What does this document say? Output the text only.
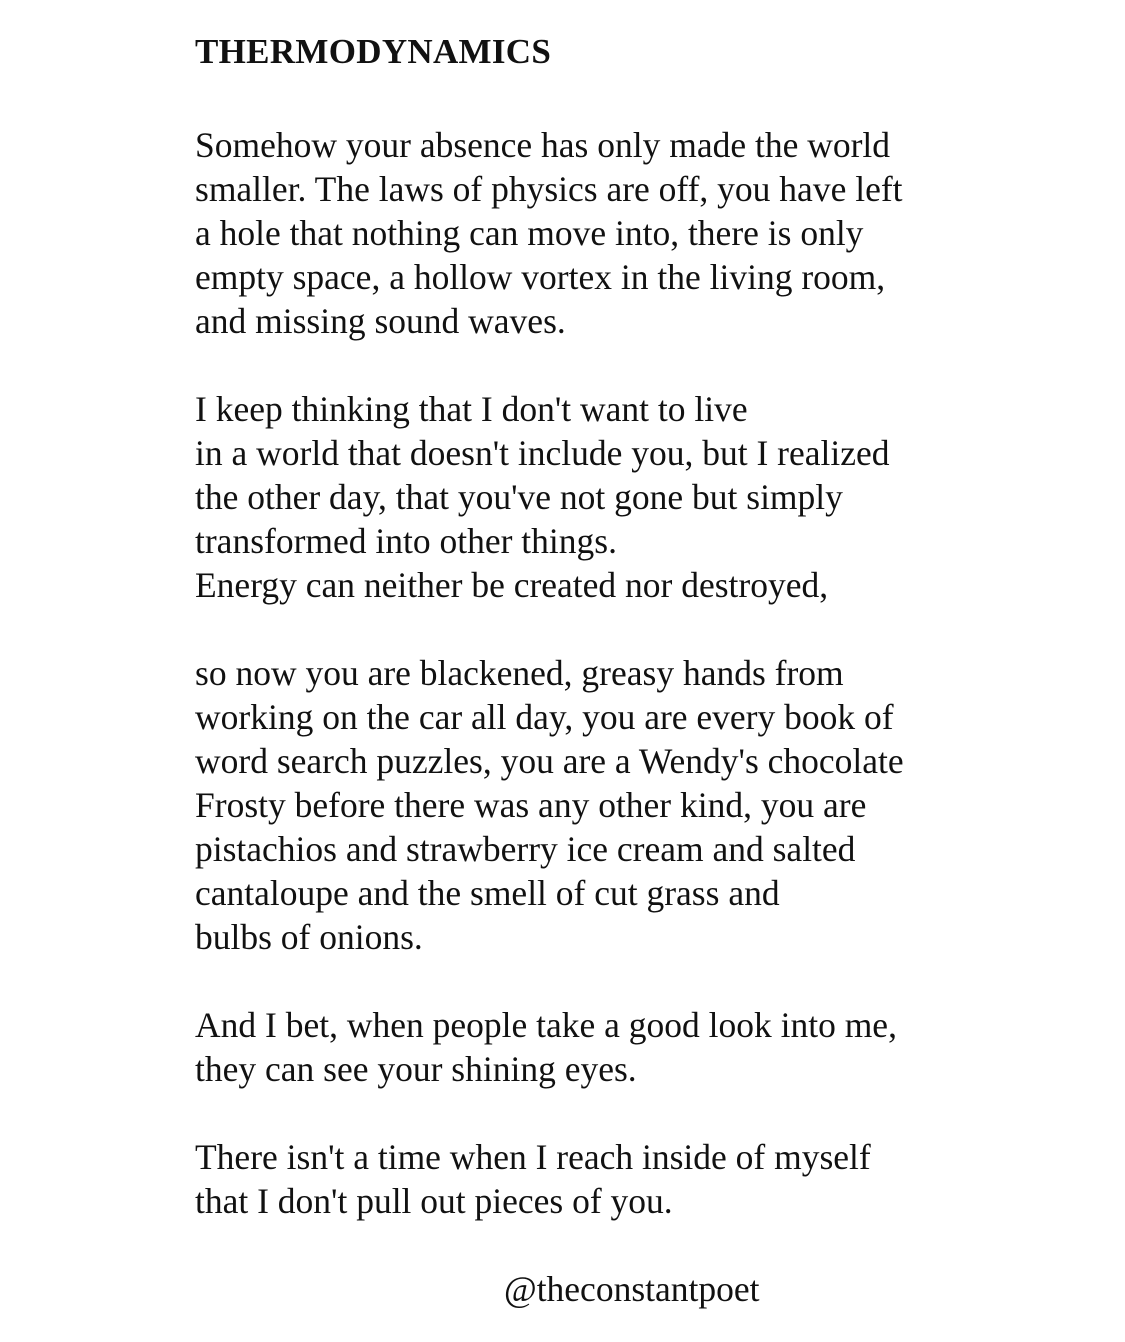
THERMODYNAMICS
Somehow your absence has only made the world
smaller. The laws of physics are off, you have left
a hole that nothing can move into, there is only
empty space, a hollow vortex in the living room,
and missing sound waves.
I keep thinking that I don't want to live
in a world that doesn't include you, but I realized
the other day, that you've not gone but simply
transformed into other things.
Energy can neither be created nor destroyed,
so now you are blackened, greasy hands from
working on the car all day, you are every book of
word search puzzles, you are a Wendy's chocolate
Frosty before there was any other kind, you are
pistachios and strawberry ice cream and salted
cantaloupe and the smell of cut grass and
bulbs of onions.
And I bet, when people take a good look into me,
they can see your shining eyes.
There isn't a time when I reach inside of myself
that I don't pull out pieces of you.
@theconstantpoet
